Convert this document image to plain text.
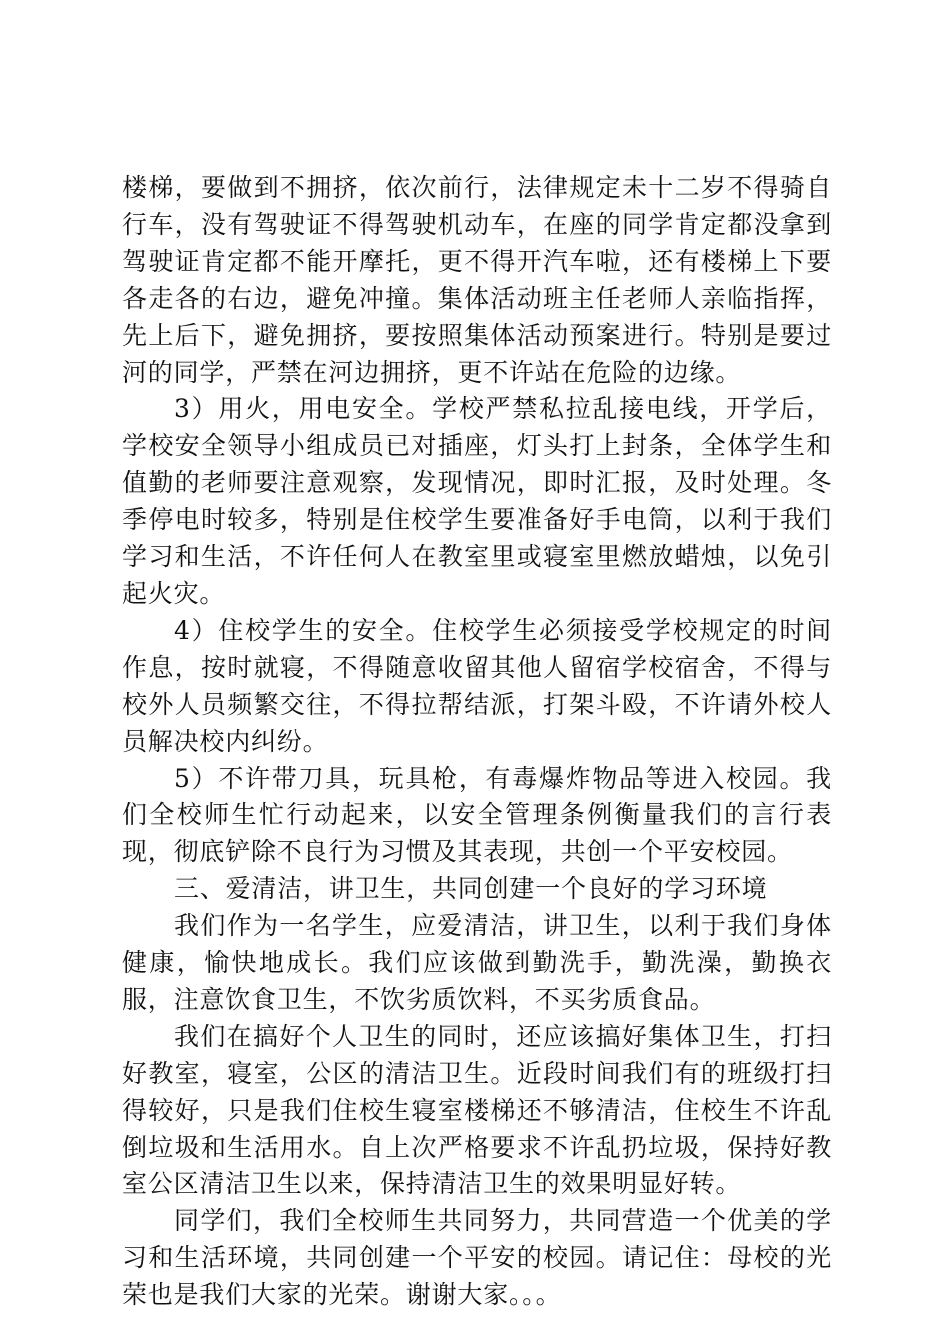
楼梯，要做到不拥挤，依次前行，法律规定未十二岁不得骑自行车，没有驾驶证不得驾驶机动车，在座的同学肯定都没拿到驾驶证肯定都不能开摩托，更不得开汽车啦，还有楼梯上下要各走各的右边，避免冲撞。集体活动班主任老师人亲临指挥，先上后下，避免拥挤，要按照集体活动预案进行。特别是要过河的同学，严禁在河边拥挤，更不许站在危险的边缘。

3）用火，用电安全。学校严禁私拉乱接电线，开学后，学校安全领导小组成员已对插座，灯头打上封条，全体学生和值勤的老师要注意观察，发现情况，即时汇报，及时处理。冬季停电时较多，特别是住校学生要准备好手电筒，以利于我们学习和生活，不许任何人在教室里或寝室里燃放蜡烛，以免引起火灾。

4）住校学生的安全。住校学生必须接受学校规定的时间作息，按时就寝，不得随意收留其他人留宿学校宿舍，不得与校外人员频繁交往，不得拉帮结派，打架斗殴，不许请外校人员解决校内纠纷。

5）不许带刀具，玩具枪，有毒爆炸物品等进入校园。我们全校师生忙行动起来，以安全管理条例衡量我们的言行表现，彻底铲除不良行为习惯及其表现，共创一个平安校园。

三、爱清洁，讲卫生，共同创建一个良好的学习环境

我们作为一名学生，应爱清洁，讲卫生，以利于我们身体健康，愉快地成长。我们应该做到勤洗手，勤洗澡，勤换衣服，注意饮食卫生，不饮劣质饮料，不买劣质食品。

我们在搞好个人卫生的同时，还应该搞好集体卫生，打扫好教室，寝室，公区的清洁卫生。近段时间我们有的班级打扫得较好，只是我们住校生寝室楼梯还不够清洁，住校生不许乱倒垃圾和生活用水。自上次严格要求不许乱扔垃圾，保持好教室公区清洁卫生以来，保持清洁卫生的效果明显好转。

同学们，我们全校师生共同努力，共同营造一个优美的学习和生活环境，共同创建一个平安的校园。请记住：母校的光荣也是我们大家的光荣。谢谢大家。。。
